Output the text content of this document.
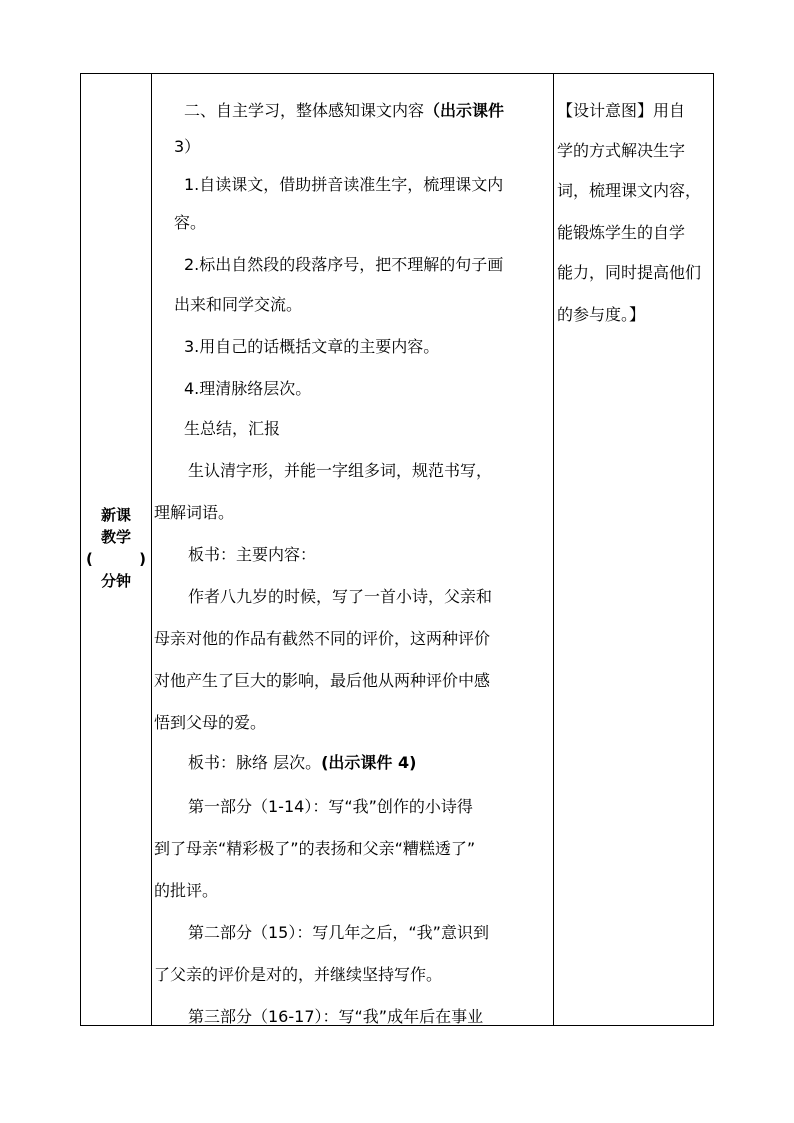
新课
教学
(	)
分钟

二、自主学习，整体感知课文内容（出示课件

3）

1.自读课文，借助拼音读准生字，梳理课文内

容。

2.标出自然段的段落序号，把不理解的句子画

出来和同学交流。

3.用自己的话概括文章的主要内容。

4.理清脉络层次。

生总结，汇报

生认清字形，并能一字组多词，规范书写，

理解词语。

板书：主要内容：

作者八九岁的时候，写了一首小诗，父亲和

母亲对他的作品有截然不同的评价，这两种评价

对他产生了巨大的影响，最后他从两种评价中感

悟到父母的爱。

板书：脉络 层次。(出示课件 4)

第一部分（1-14）：写“我”创作的小诗得

到了母亲“精彩极了”的表扬和父亲“糟糕透了”

的批评。

第二部分（15）：写几年之后，“我”意识到

了父亲的评价是对的，并继续坚持写作。

第三部分（16-17）：写“我”成年后在事业

【设计意图】用自

学的方式解决生字

词，梳理课文内容，

能锻炼学生的自学

能力，同时提高他们

的参与度。】
